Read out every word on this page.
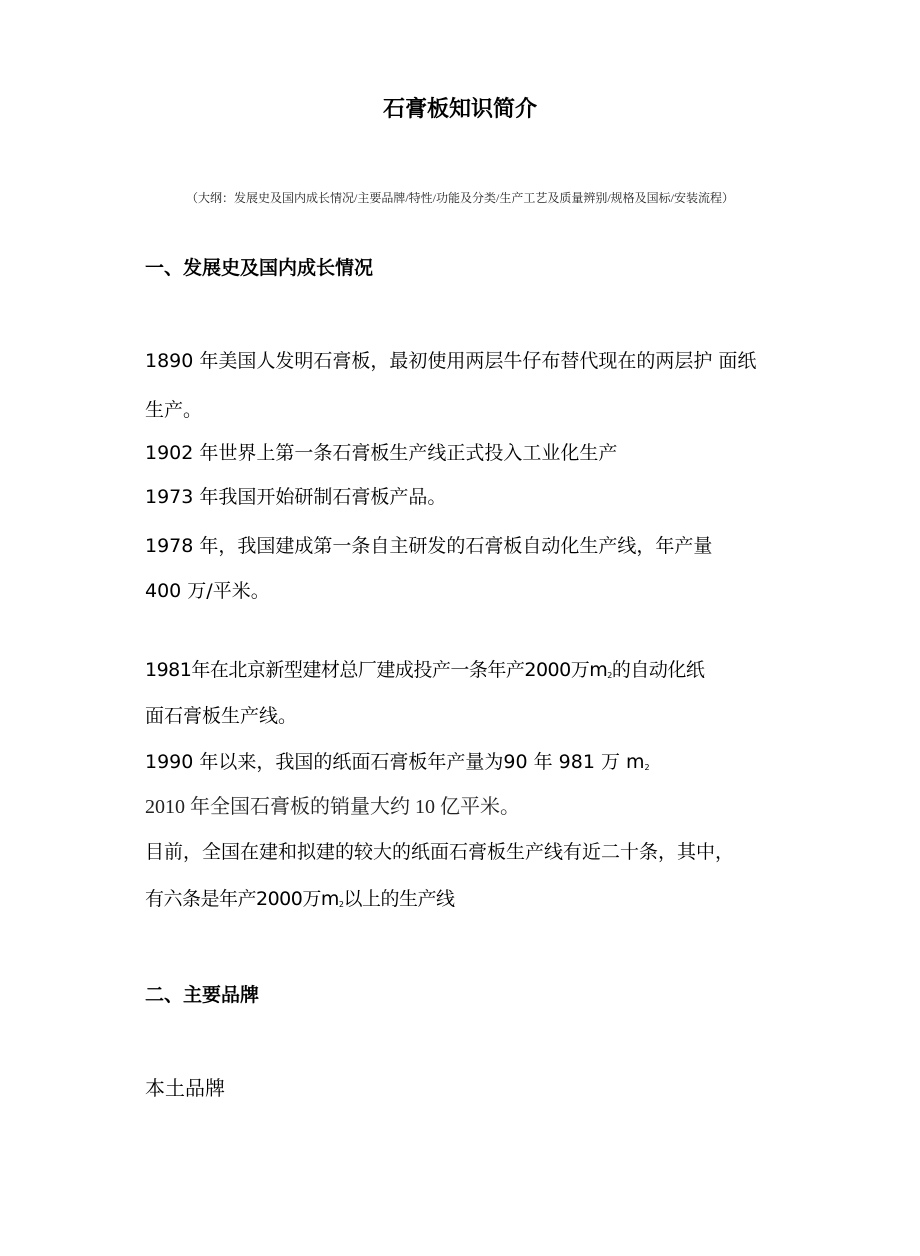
石膏板知识简介
（大纲：发展史及国内成长情况/主要品牌/特性/功能及分类/生产工艺及质量辨别/规格及国标/安装流程）
一、发展史及国内成长情况
1890 年美国人发明石膏板，最初使用两层牛仔布替代现在的两层护 面纸
生产。
1902 年世界上第一条石膏板生产线正式投入工业化生产
1973 年我国开始研制石膏板产品。
1978 年，我国建成第一条自主研发的石膏板自动化生产线，年产量
400 万/平米。
1981年在北京新型建材总厂建成投产一条年产2000万$m_2$的自动化纸
面石膏板生产线。
1990 年以来，我国的纸面石膏板年产量为90 年 981 万 $m_2$
2010 年全国石膏板的销量大约 10 亿平米。
目前，全国在建和拟建的较大的纸面石膏板生产线有近二十条，其中，
有六条是年产2000万$m_2$以上的生产线
二、主要品牌
本土品牌
